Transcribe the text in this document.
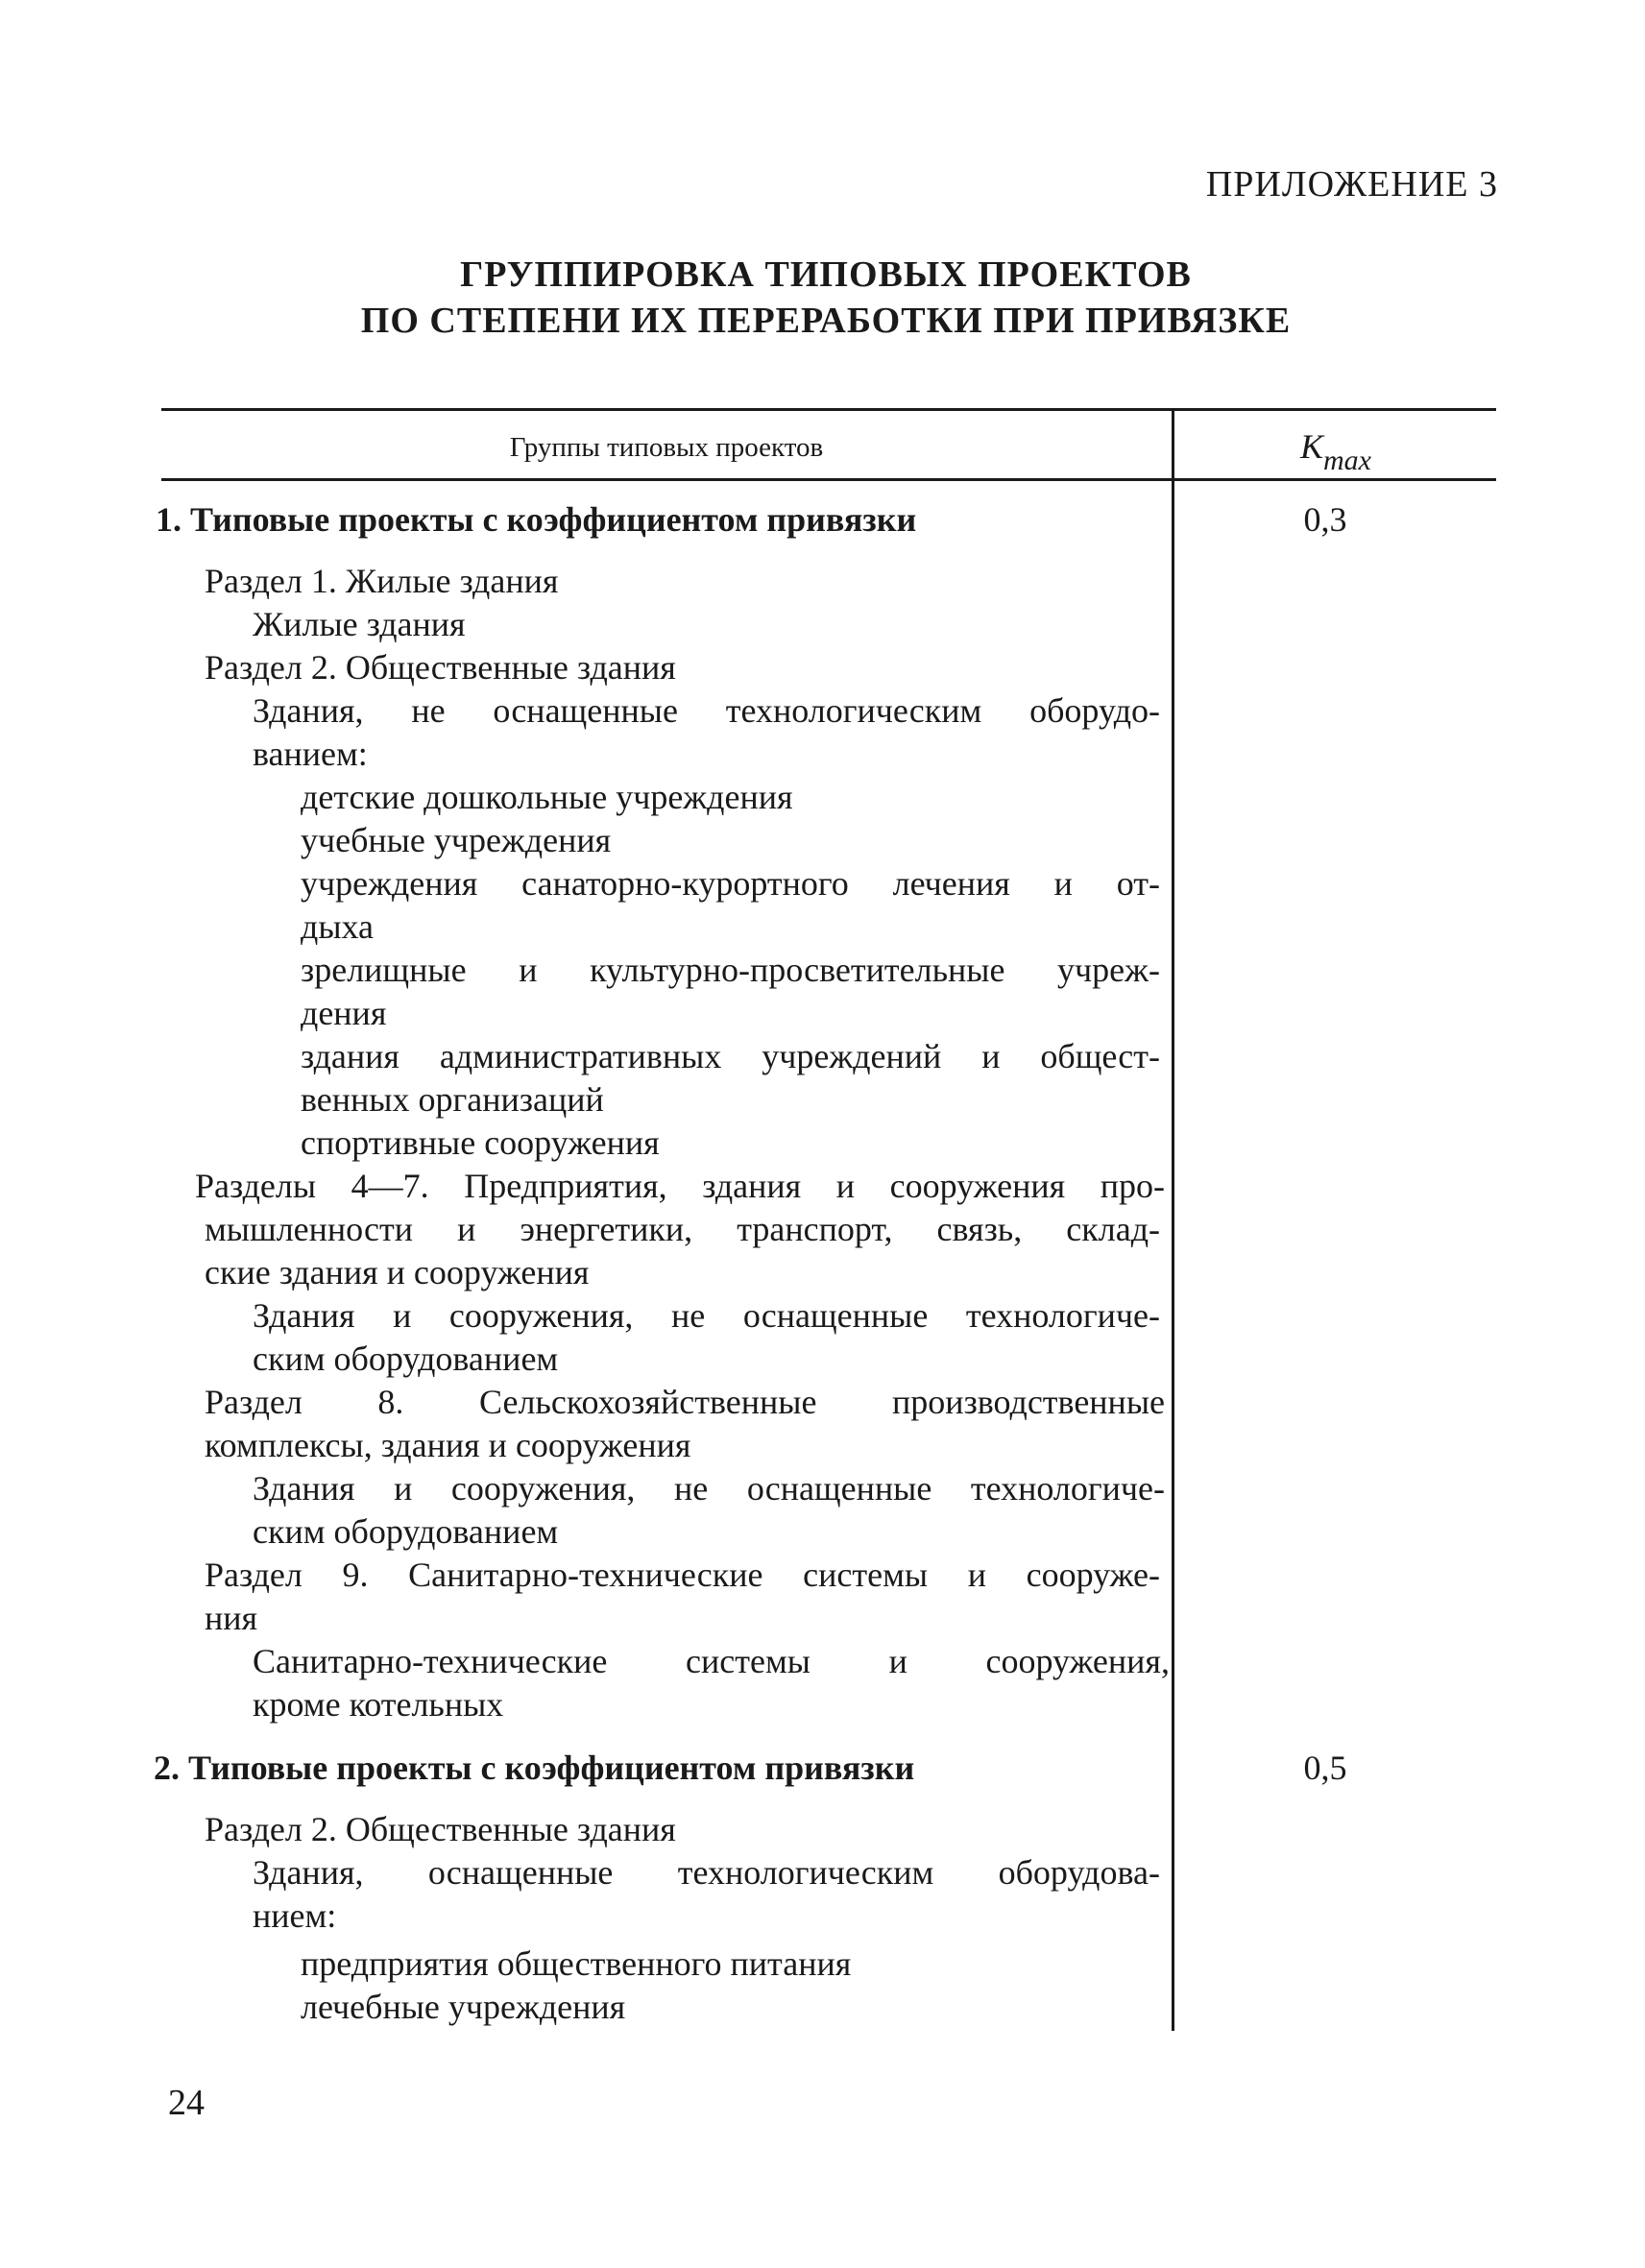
ПРИЛОЖЕНИЕ 3
ГРУППИРОВКА ТИПОВЫХ ПРОЕКТОВ
ПО СТЕПЕНИ ИХ ПЕРЕРАБОТКИ ПРИ ПРИВЯЗКЕ
Группы типовых проектов	$K_{max}$
1. Типовые проекты с коэффициентом привязки	0,3
Раздел 1. Жилые здания
Жилые здания
Раздел 2. Общественные здания
Здания, не оснащенные технологическим оборудо-
ванием:
детские дошкольные учреждения
учебные учреждения
учреждения санаторно-курортного лечения и от-
дыха
зрелищные и культурно-просветительные учреж-
дения
здания административных учреждений и общест-
венных организаций
спортивные сооружения
Разделы 4—7. Предприятия, здания и сооружения про-
мышленности и энергетики, транспорт, связь, склад-
ские здания и сооружения
Здания и сооружения, не оснащенные технологиче-
ским оборудованием
Раздел 8. Сельскохозяйственные производственные
комплексы, здания и сооружения
Здания и сооружения, не оснащенные технологиче-
ским оборудованием
Раздел 9. Санитарно-технические системы и сооруже-
ния
Санитарно-технические системы и сооружения,
кроме котельных
2. Типовые проекты с коэффициентом привязки	0,5
Раздел 2. Общественные здания
Здания, оснащенные технологическим оборудова-
нием:
предприятия общественного питания
лечебные учреждения
24
